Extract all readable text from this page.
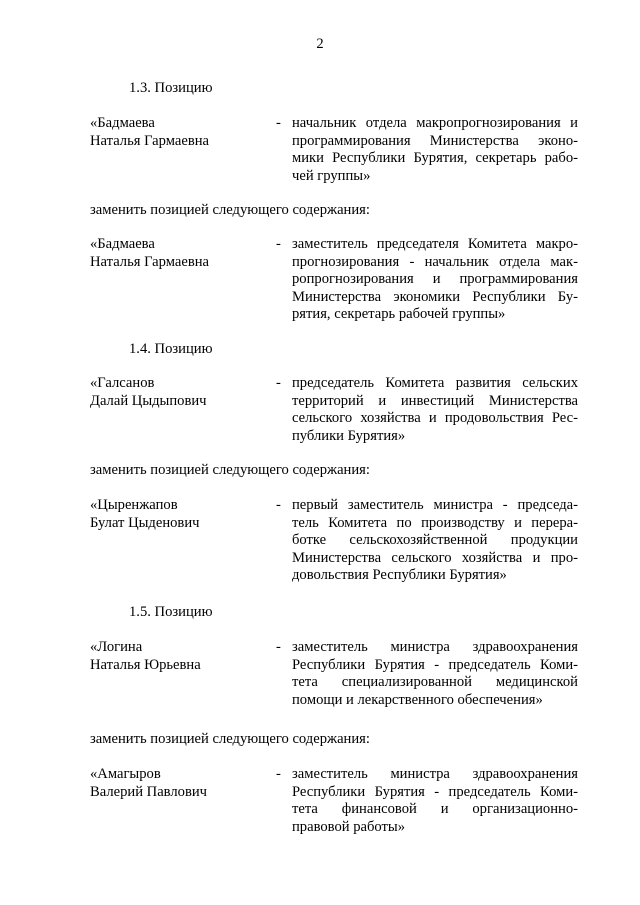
2
1.3. Позицию
«Бадмаева
Наталья Гармаевна
- начальник отдела макропрогнозирования и
программирования Министерства эконо-
мики Республики Бурятия, секретарь рабо-
чей группы»
заменить позицией следующего содержания:
«Бадмаева
Наталья Гармаевна
- заместитель председателя Комитета макро-
прогнозирования - начальник отдела мак-
ропрогнозирования и программирования
Министерства экономики Республики Бу-
рятия, секретарь рабочей группы»
1.4. Позицию
«Галсанов
Далай Цыдыпович
- председатель Комитета развития сельских
территорий и инвестиций Министерства
сельского хозяйства и продовольствия Рес-
публики Бурятия»
заменить позицией следующего содержания:
«Цыренжапов
Булат Цыденович
- первый заместитель министра - председа-
тель Комитета по производству и перера-
ботке сельскохозяйственной продукции
Министерства сельского хозяйства и про-
довольствия Республики Бурятия»
1.5. Позицию
«Логина
Наталья Юрьевна
- заместитель министра здравоохранения
Республики Бурятия - председатель Коми-
тета специализированной медицинской
помощи и лекарственного обеспечения»
заменить позицией следующего содержания:
«Амагыров
Валерий Павлович
- заместитель министра здравоохранения
Республики Бурятия - председатель Коми-
тета финансовой и организационно-
правовой работы»
